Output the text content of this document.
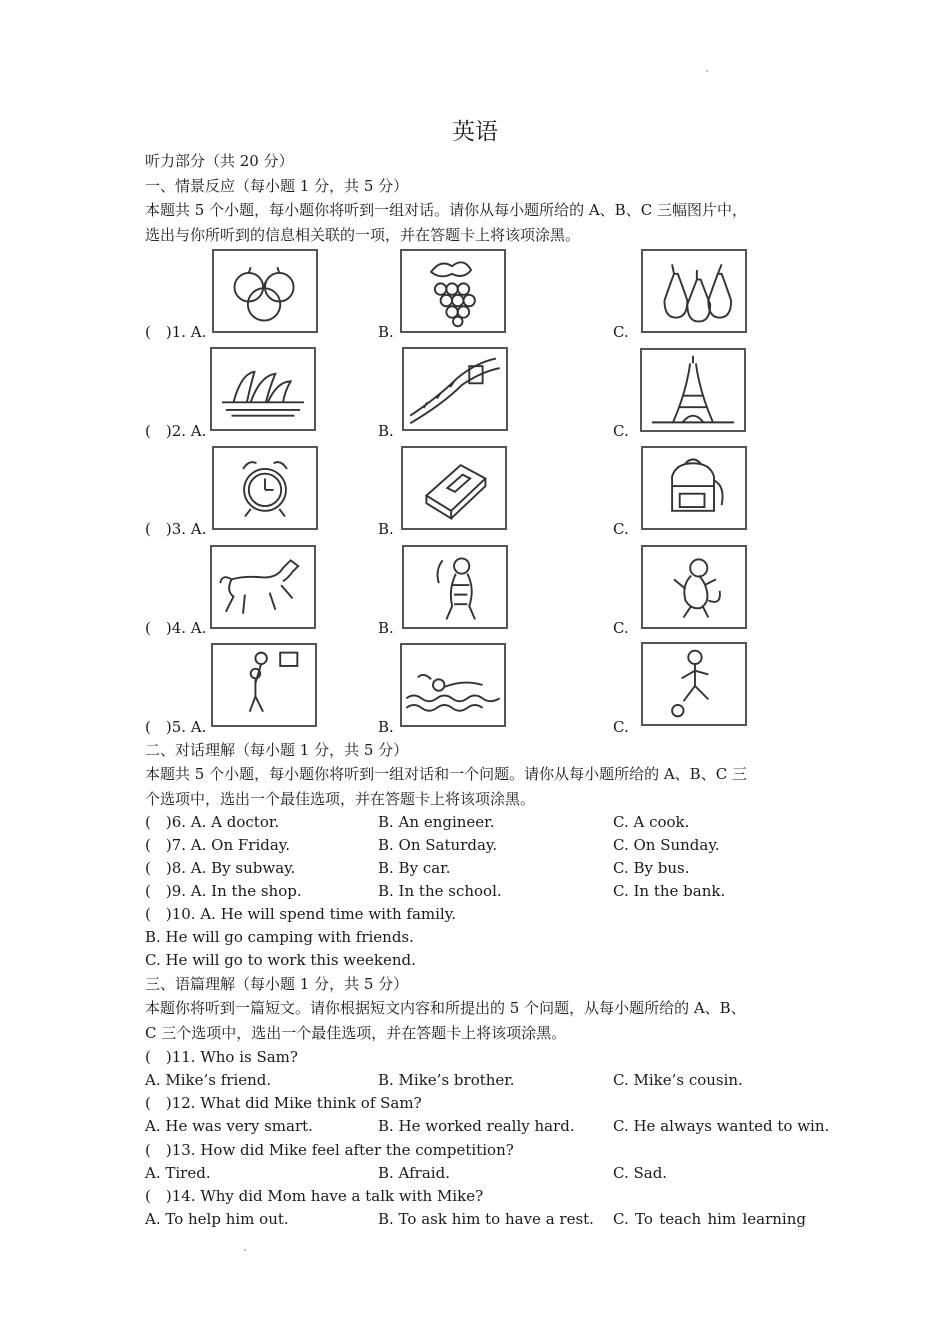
英语
听力部分（共 20 分）
一、情景反应（每小题 1 分，共 5 分）
本题共 5 个小题，每小题你将听到一组对话。请你从每小题所给的 A、B、C 三幅图片中，
选出与你所听到的信息相关联的一项，并在答题卡上将该项涂黑。
(　)1. A.	B.	C.
(　)2. A.	B.	C.
(　)3. A.	B.	C.
(　)4. A.	B.	C.
(　)5. A.	B.	C.
二、对话理解（每小题 1 分，共 5 分）
本题共 5 个小题，每小题你将听到一组对话和一个问题。请你从每小题所给的 A、B、C 三
个选项中，选出一个最佳选项，并在答题卡上将该项涂黑。
(　)6. A. A doctor.	B. An engineer.	C. A cook.
(　)7. A. On Friday.	B. On Saturday.	C. On Sunday.
(　)8. A. By subway.	B. By car.	C. By bus.
(　)9. A. In the shop.	B. In the school.	C. In the bank.
(　)10. A. He will spend time with family.
B. He will go camping with friends.
C. He will go to work this weekend.
三、语篇理解（每小题 1 分，共 5 分）
本题你将听到一篇短文。请你根据短文内容和所提出的 5 个问题，从每小题所给的 A、B、
C 三个选项中，选出一个最佳选项，并在答题卡上将该项涂黑。
(　)11. Who is Sam?
A. Mike’s friend.	B. Mike’s brother.	C. Mike’s cousin.
(　)12. What did Mike think of Sam?
A. He was very smart.	B. He worked really hard.	C. He always wanted to win.
(　)13. How did Mike feel after the competition?
A. Tired.	B. Afraid.	C. Sad.
(　)14. Why did Mom have a talk with Mike?
A. To help him out.	B. To ask him to have a rest. C. To teach him learning
